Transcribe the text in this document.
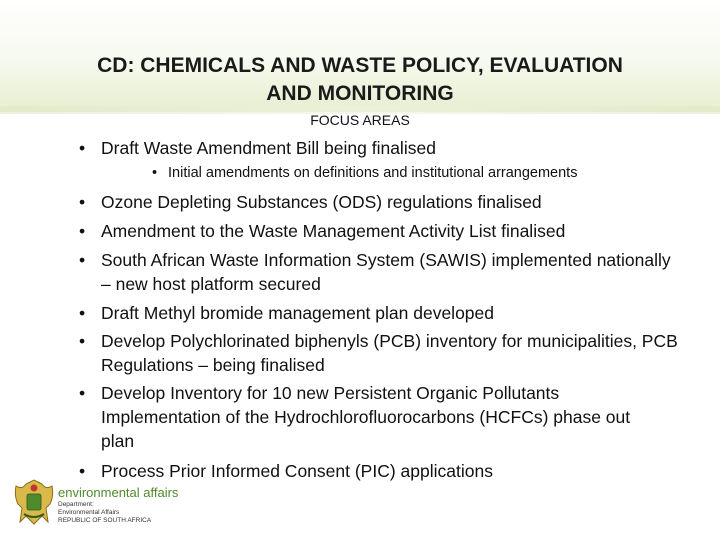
CD: CHEMICALS AND WASTE POLICY, EVALUATION
AND MONITORING
FOCUS AREAS
• Draft Waste Amendment Bill being finalised
• Ozone Depleting Substances (ODS) regulations finalised
• Amendment to the Waste Management Activity List finalised
• South African Waste Information System (SAWIS) implemented nationally – new host platform secured
• Draft Methyl bromide management plan developed
• Develop Polychlorinated biphenyls (PCB) inventory for municipalities, PCB Regulations – being finalised
• Develop Inventory for 10 new Persistent Organic Pollutants Implementation of the Hydrochlorofluorocarbons (HCFCs) phase out plan
• Process Prior Informed Consent (PIC) applications
• Initial amendments on definitions and institutional arrangements
environmental affairs
Department:
Environmental Affairs
REPUBLIC OF SOUTH AFRICA
